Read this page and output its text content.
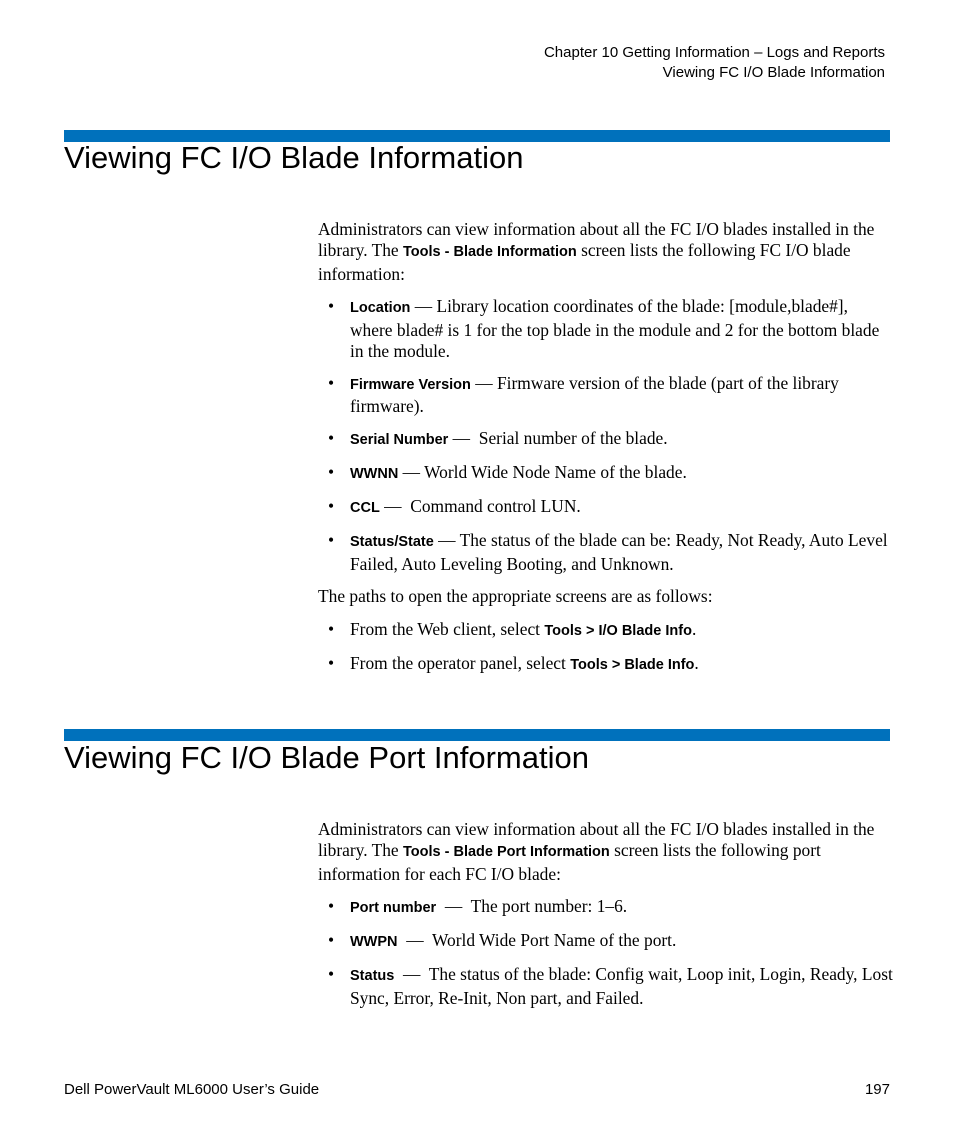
Chapter 10 Getting Information – Logs and Reports
Viewing FC I/O Blade Information
Viewing FC I/O Blade Information

Administrators can view information about all the FC I/O blades installed in the library. The Tools - Blade Information screen lists the following FC I/O blade information:

• Location — Library location coordinates of the blade: [module,blade#], where blade# is 1 for the top blade in the module and 2 for the bottom blade in the module.
• Firmware Version — Firmware version of the blade (part of the library firmware).
• Serial Number —  Serial number of the blade.
• WWNN — World Wide Node Name of the blade.
• CCL —  Command control LUN.
• Status/State — The status of the blade can be: Ready, Not Ready, Auto Level Failed, Auto Leveling Booting, and Unknown.

The paths to open the appropriate screens are as follows:

• From the Web client, select Tools > I/O Blade Info.
• From the operator panel, select Tools > Blade Info.
Viewing FC I/O Blade Port Information

Administrators can view information about all the FC I/O blades installed in the library. The Tools - Blade Port Information screen lists the following port information for each FC I/O blade:

• Port number  —  The port number: 1–6.
• WWPN  —  World Wide Port Name of the port.
• Status  —  The status of the blade: Config wait, Loop init, Login, Ready, Lost Sync, Error, Re-Init, Non part, and Failed.
Dell PowerVault ML6000 User’s Guide	197
